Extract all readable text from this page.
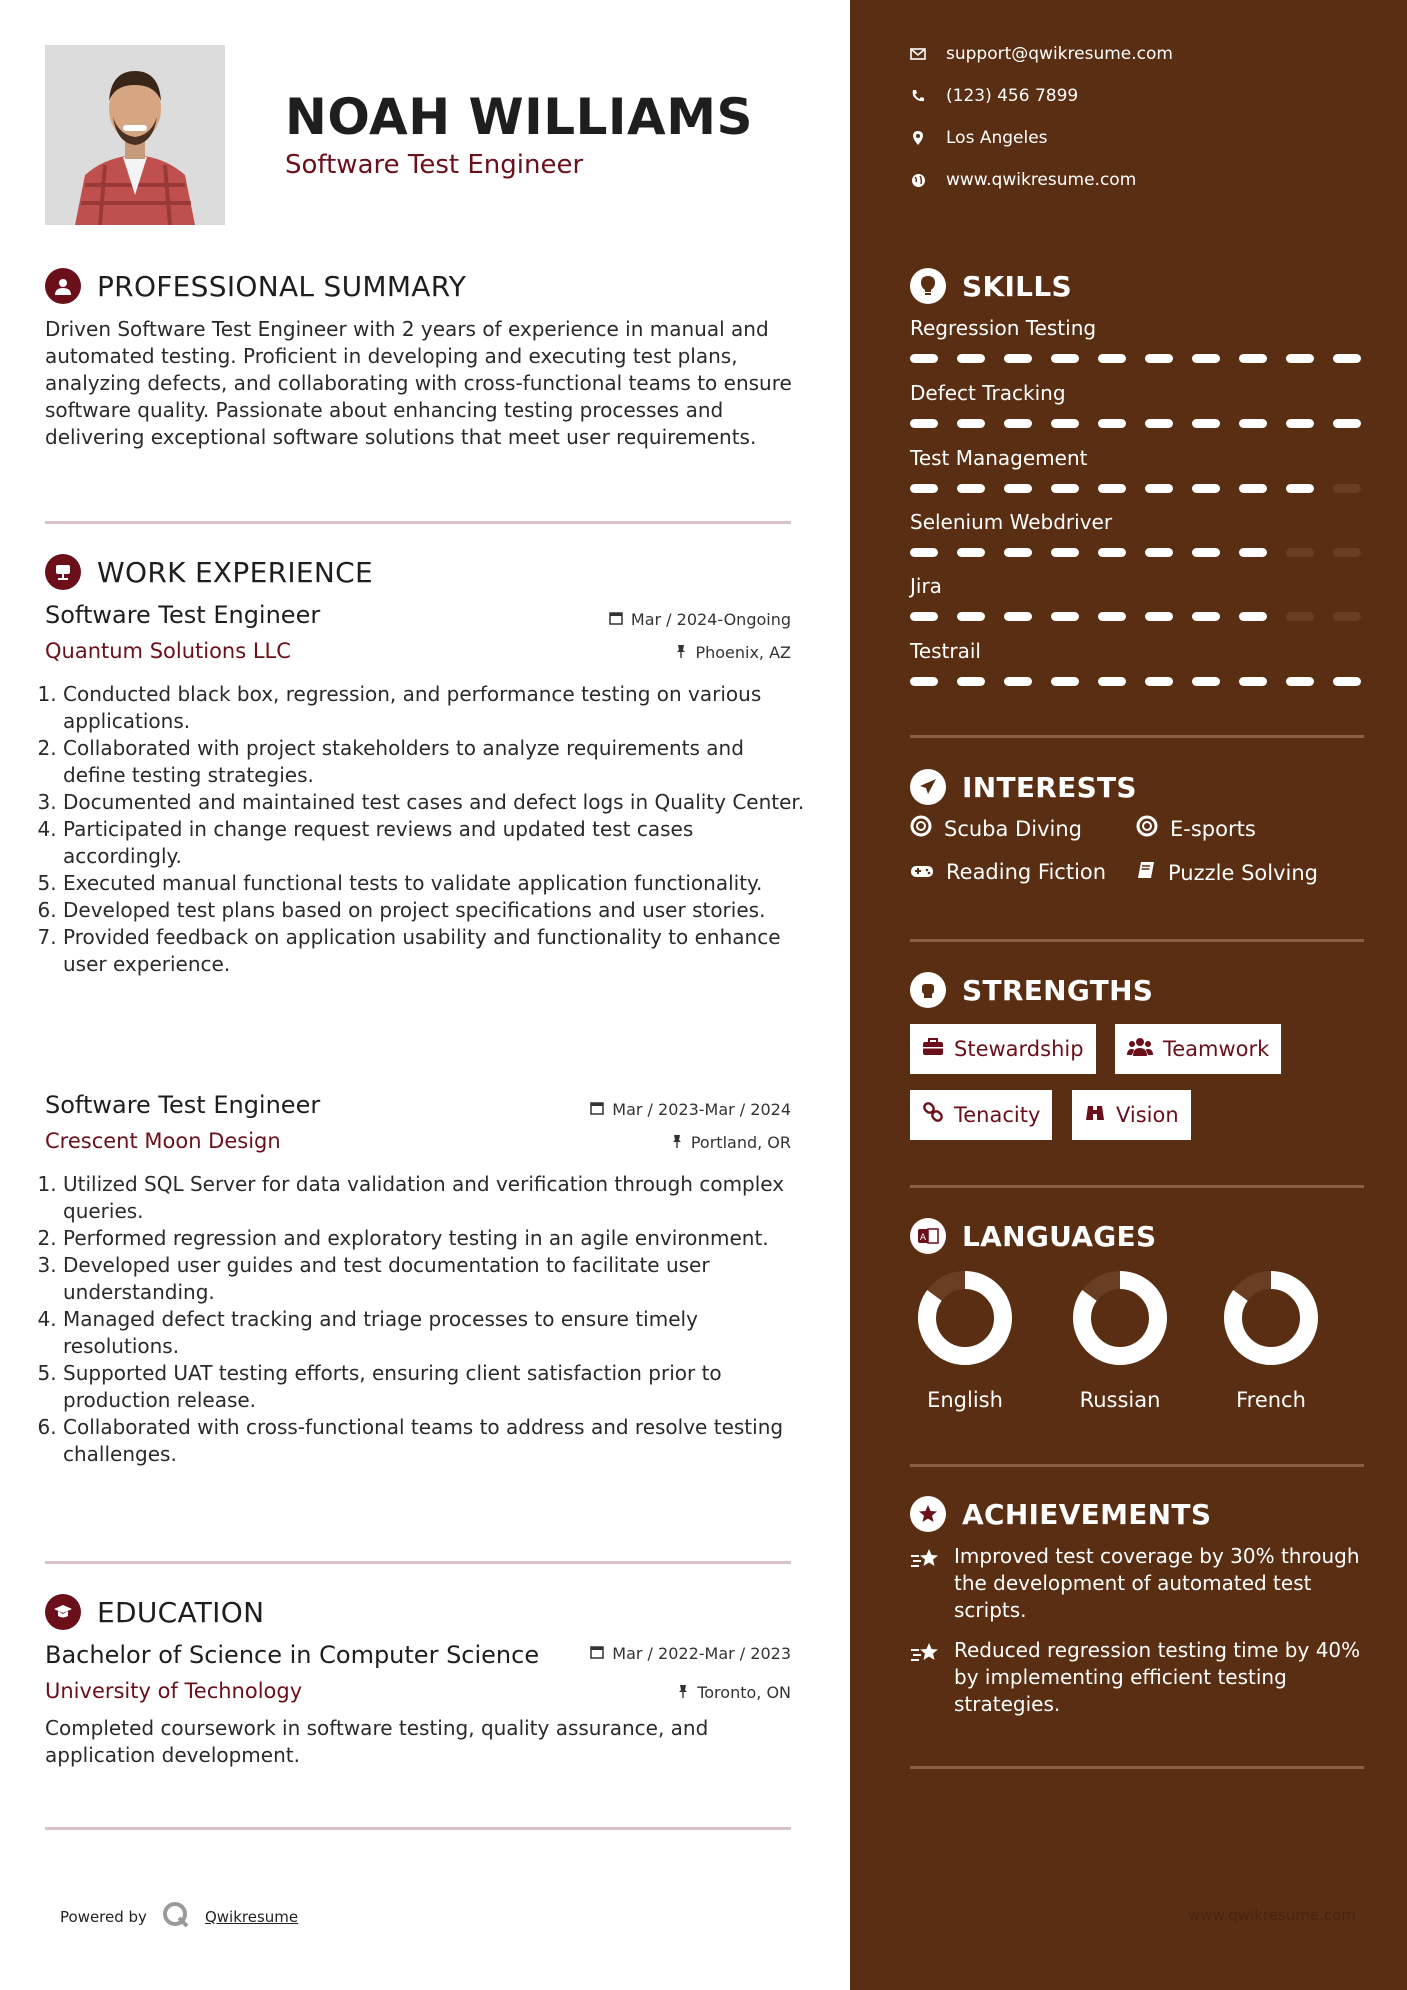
NOAH WILLIAMS
Software Test Engineer
PROFESSIONAL SUMMARY
Driven Software Test Engineer with 2 years of experience in manual and automated testing. Proficient in developing and executing test plans, analyzing defects, and collaborating with cross-functional teams to ensure software quality. Passionate about enhancing testing processes and delivering exceptional software solutions that meet user requirements.
WORK EXPERIENCE
Software Test Engineer	Mar / 2024-Ongoing
Quantum Solutions LLC	Phoenix, AZ
1. Conducted black box, regression, and performance testing on various applications.
2. Collaborated with project stakeholders to analyze requirements and define testing strategies.
3. Documented and maintained test cases and defect logs in Quality Center.
4. Participated in change request reviews and updated test cases accordingly.
5. Executed manual functional tests to validate application functionality.
6. Developed test plans based on project specifications and user stories.
7. Provided feedback on application usability and functionality to enhance user experience.
Software Test Engineer	Mar / 2023-Mar / 2024
Crescent Moon Design	Portland, OR
1. Utilized SQL Server for data validation and verification through complex queries.
2. Performed regression and exploratory testing in an agile environment.
3. Developed user guides and test documentation to facilitate user understanding.
4. Managed defect tracking and triage processes to ensure timely resolutions.
5. Supported UAT testing efforts, ensuring client satisfaction prior to production release.
6. Collaborated with cross-functional teams to address and resolve testing challenges.
EDUCATION
Bachelor of Science in Computer Science	Mar / 2022-Mar / 2023
University of Technology	Toronto, ON
Completed coursework in software testing, quality assurance, and application development.
Powered by	Qwikresume
support@qwikresume.com
(123) 456 7899
Los Angeles
www.qwikresume.com
SKILLS
Regression Testing
Defect Tracking
Test Management
Selenium Webdriver
Jira
Testrail
INTERESTS
Scuba Diving	E-sports
Reading Fiction	Puzzle Solving
STRENGTHS
Stewardship	Teamwork
Tenacity	Vision
A LANGUAGES
English	Russian	French
ACHIEVEMENTS
Improved test coverage by 30% through the development of automated test scripts.
Reduced regression testing time by 40% by implementing efficient testing strategies.
www.qwikresume.com
